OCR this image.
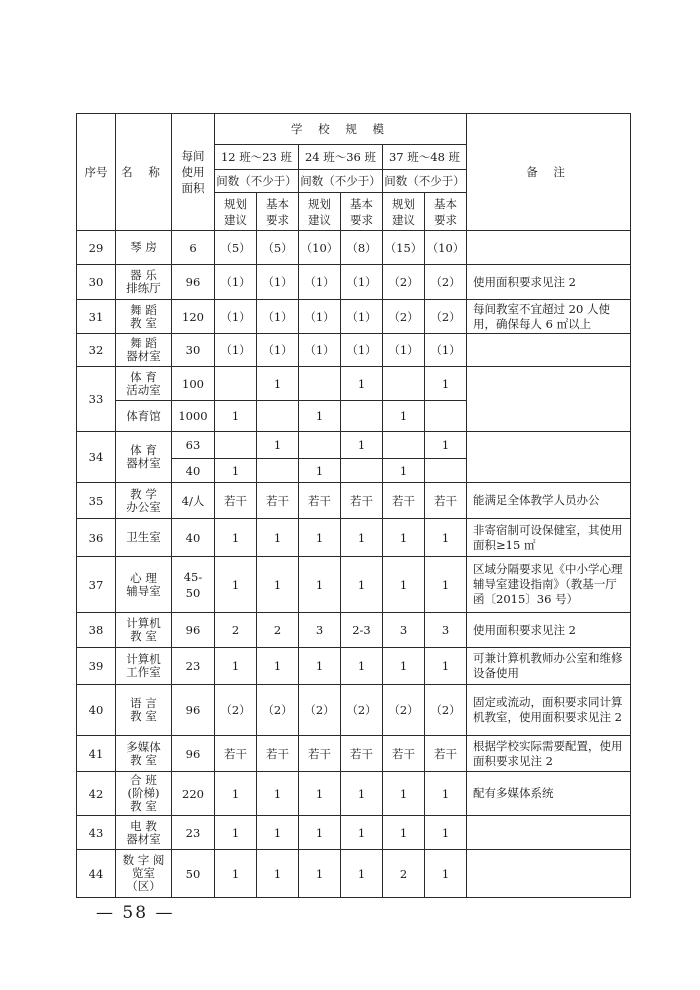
序号	名 称	每间使用面积	学 校 规 模						备 注
			12 班～23 班		24 班～36 班		37 班～48 班		
			间数（不少于）		间数（不少于）		间数（不少于）		
			规划建议	基本要求	规划建议	基本要求	规划建议	基本要求	
29	琴 房	6	（5）	（5）	（10）	（8）	（15）	（10）	
30	器 乐 排练厅	96	（1）	（1）	（1）	（1）	（2）	（2）	使用面积要求见注 2
31	舞 蹈 教 室	120	（1）	（1）	（1）	（1）	（2）	（2）	每间教室不宜超过 20 人使用，确保每人 6 ㎡以上
32	舞 蹈 器材室	30	（1）	（1）	（1）	（1）	（1）	（1）	
33	体 育 活动室	100		1		1		1	
	体育馆	1000	1		1		1		
34	体 育 器材室	63		1		1		1	
		40	1		1		1		
35	教 学 办公室	4/人	若干	若干	若干	若干	若干	若干	能满足全体教学人员办公
36	卫生室	40	1	1	1	1	1	1	非寄宿制可设保健室，其使用面积≥15 ㎡
37	心 理 辅导室	45-50	1	1	1	1	1	1	区域分隔要求见《中小学心理辅导室建设指南》（教基一厅函〔2015〕36 号）
38	计算机 教 室	96	2	2	3	2-3	3	3	使用面积要求见注 2
39	计算机 工作室	23	1	1	1	1	1	1	可兼计算机教师办公室和维修设备使用
40	语 言 教 室	96	（2）	（2）	（2）	（2）	（2）	（2）	固定或流动，面积要求同计算机教室，使用面积要求见注 2
41	多媒体 教 室	96	若干	若干	若干	若干	若干	若干	根据学校实际需要配置，使用面积要求见注 2
42	合 班 (阶梯) 教 室	220	1	1	1	1	1	1	配有多媒体系统
43	电 教 器材室	23	1	1	1	1	1	1	
44	数 字 阅览室 （区）	50	1	1	1	1	2	1	
— 58 —
